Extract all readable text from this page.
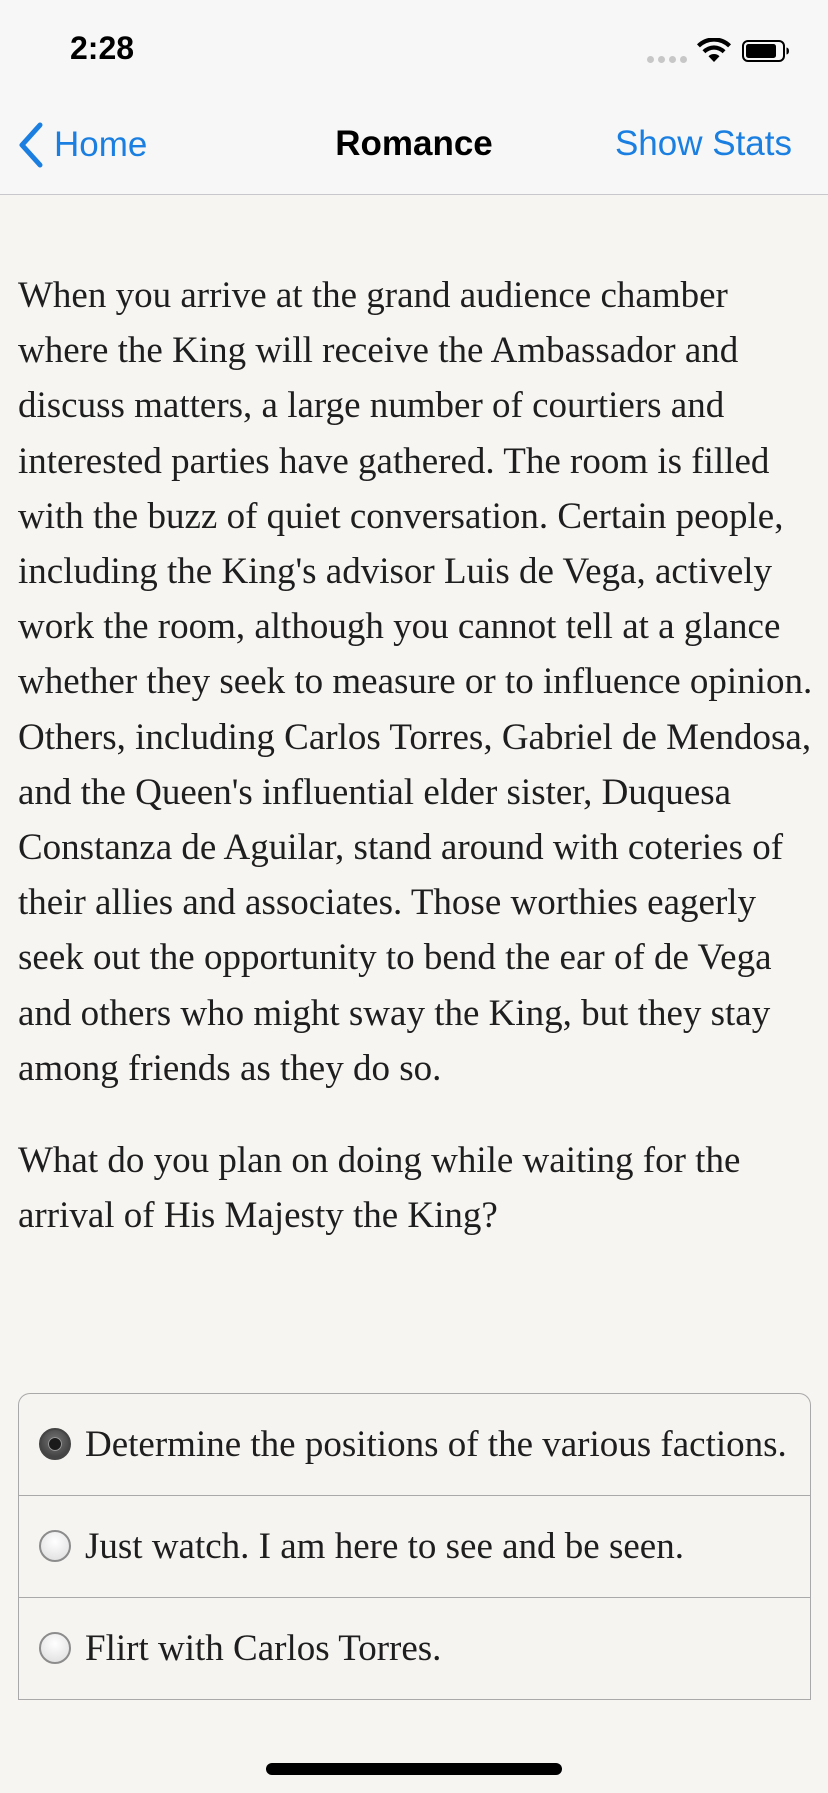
2:28
Home	Romance	Show Stats

When you arrive at the grand audience chamber where the King will receive the Ambassador and discuss matters, a large number of courtiers and interested parties have gathered. The room is filled with the buzz of quiet conversation. Certain people, including the King's advisor Luis de Vega, actively work the room, although you cannot tell at a glance whether they seek to measure or to influence opinion. Others, including Carlos Torres, Gabriel de Mendosa, and the Queen's influential elder sister, Duquesa Constanza de Aguilar, stand around with coteries of their allies and associates. Those worthies eagerly seek out the opportunity to bend the ear of de Vega and others who might sway the King, but they stay among friends as they do so.

What do you plan on doing while waiting for the arrival of His Majesty the King?

Determine the positions of the various factions.
Just watch. I am here to see and be seen.
Flirt with Carlos Torres.
